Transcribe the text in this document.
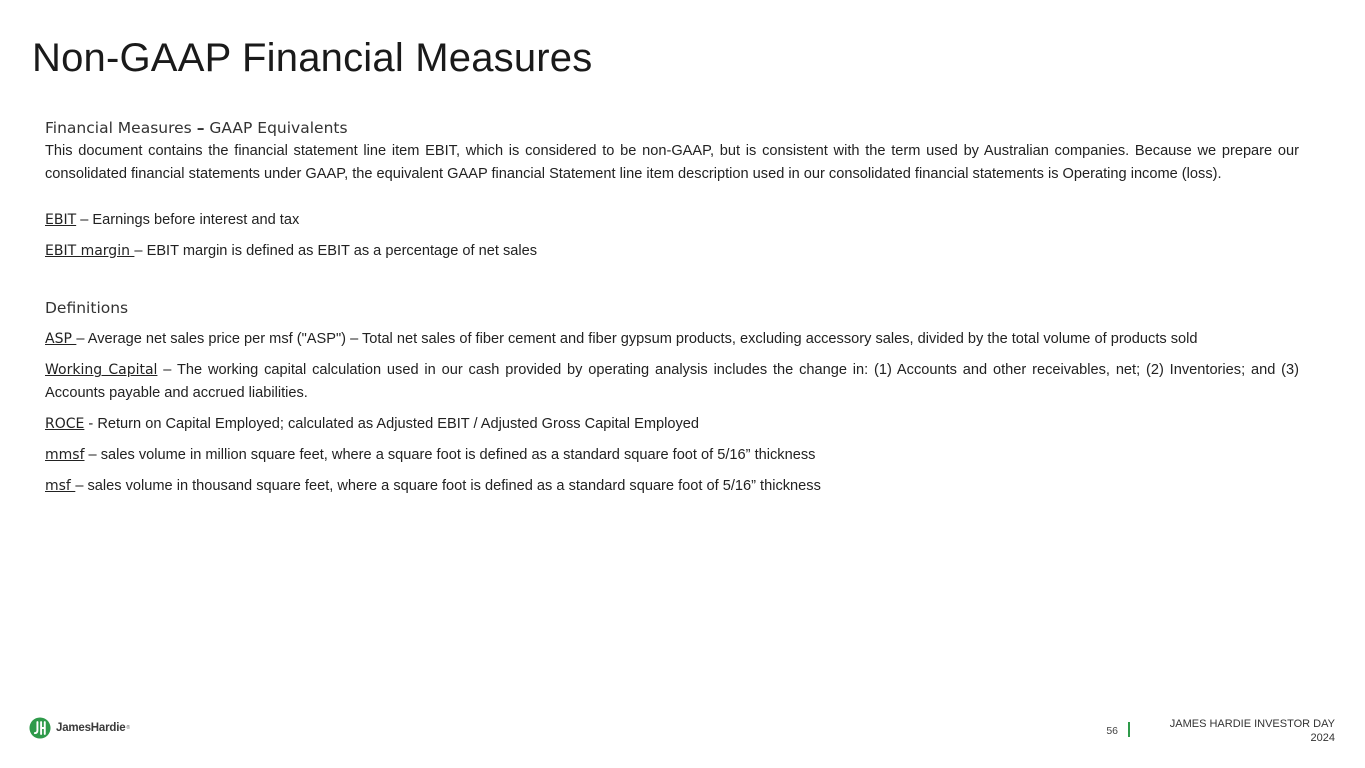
Non-GAAP Financial Measures

Financial Measures – GAAP Equivalents

This document contains the financial statement line item EBIT, which is considered to be non-GAAP, but is consistent with the term used by Australian companies. Because we prepare our consolidated financial statements under GAAP, the equivalent GAAP financial Statement line item description used in our consolidated financial statements is Operating income (loss).

EBIT – Earnings before interest and tax

EBIT margin – EBIT margin is defined as EBIT as a percentage of net sales

Definitions

ASP – Average net sales price per msf ("ASP") – Total net sales of fiber cement and fiber gypsum products, excluding accessory sales, divided by the total volume of products sold

Working Capital – The working capital calculation used in our cash provided by operating analysis includes the change in: (1) Accounts and other receivables, net; (2) Inventories; and (3) Accounts payable and accrued liabilities.

ROCE - Return on Capital Employed; calculated as Adjusted EBIT / Adjusted Gross Capital Employed

mmsf – sales volume in million square feet, where a square foot is defined as a standard square foot of 5/16” thickness

msf – sales volume in thousand square feet, where a square foot is defined as a standard square foot of 5/16” thickness

JamesHardie ®	56
JAMES HARDIE INVESTOR DAY
2024
